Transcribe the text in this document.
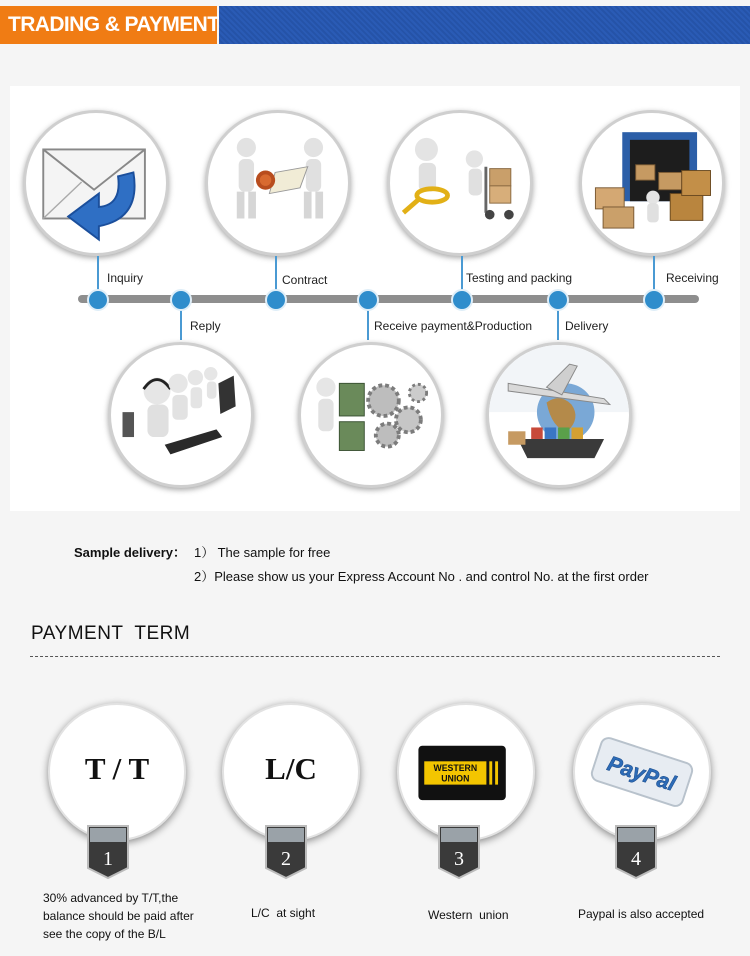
TRADING & PAYMENT
Inquiry	Contract	Testing and packing	Receiving
Reply	Receive payment&Production	Delivery
Sample delivery： 1） The sample for free
2）Please show us your Express Account No . and control No. at the first order
PAYMENT  TERM
T / T
1
30% advanced by T/T,the
balance should be paid after
see the copy of the B/L
L/C
2
L/C  at sight
WESTERN
UNION
3
Western  union
PayPal
4
Paypal is also accepted
